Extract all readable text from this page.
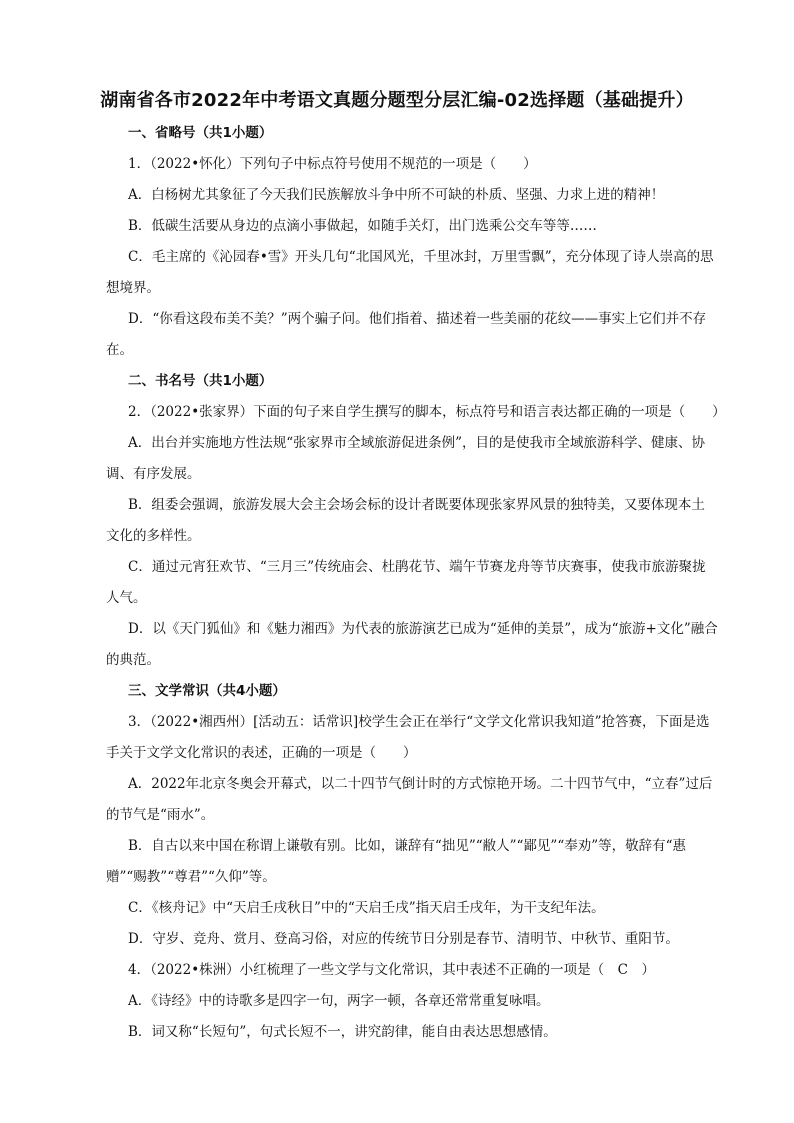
湖南省各市2022年中考语文真题分题型分层汇编-02选择题（基础提升）
一、省略号（共1小题）
1．（2022•怀化）下列句子中标点符号使用不规范的一项是（　　）
A．白杨树尤其象征了今天我们民族解放斗争中所不可缺的朴质、坚强、力求上进的精神！
B．低碳生活要从身边的点滴小事做起，如随手关灯，出门选乘公交车等等……
C．毛主席的《沁园春•雪》开头几句“北国风光，千里冰封，万里雪飘”，充分体现了诗人崇高的思想境界。
D．“你看这段布美不美？”两个骗子问。他们指着、描述着一些美丽的花纹——事实上它们并不存在。
二、书名号（共1小题）
2．（2022•张家界）下面的句子来自学生撰写的脚本，标点符号和语言表达都正确的一项是（　　）
A．出台并实施地方性法规“张家界市全域旅游促进条例”，目的是使我市全域旅游科学、健康、协调、有序发展。
B．组委会强调，旅游发展大会主会场会标的设计者既要体现张家界风景的独特美，又要体现本土文化的多样性。
C．通过元宵狂欢节、“三月三”传统庙会、杜鹃花节、端午节赛龙舟等节庆赛事，使我市旅游聚拢人气。
D．以《天门狐仙》和《魅力湘西》为代表的旅游演艺已成为“延伸的美景”，成为“旅游+文化”融合的典范。
三、文学常识（共4小题）
3．（2022•湘西州）[活动五：话常识]校学生会正在举行“文学文化常识我知道”抢答赛，下面是选手关于文学文化常识的表述，正确的一项是（　　）
A．2022年北京冬奥会开幕式，以二十四节气倒计时的方式惊艳开场。二十四节气中，“立春”过后的节气是“雨水”。
B．自古以来中国在称谓上谦敬有别。比如，谦辞有“拙见”“敝人”“鄙见”“奉劝”等，敬辞有“惠赠”“赐教”“尊君”“久仰”等。
C．《核舟记》中“天启壬戌秋日”中的“天启壬戌”指天启壬戌年，为干支纪年法。
D．守岁、竞舟、赏月、登高习俗，对应的传统节日分别是春节、清明节、中秋节、重阳节。
4．（2022•株洲）小红梳理了一些文学与文化常识，其中表述不正确的一项是（　C　）
A．《诗经》中的诗歌多是四字一句，两字一顿，各章还常常重复咏唱。
B．词又称“长短句”，句式长短不一，讲究韵律，能自由表达思想感情。
